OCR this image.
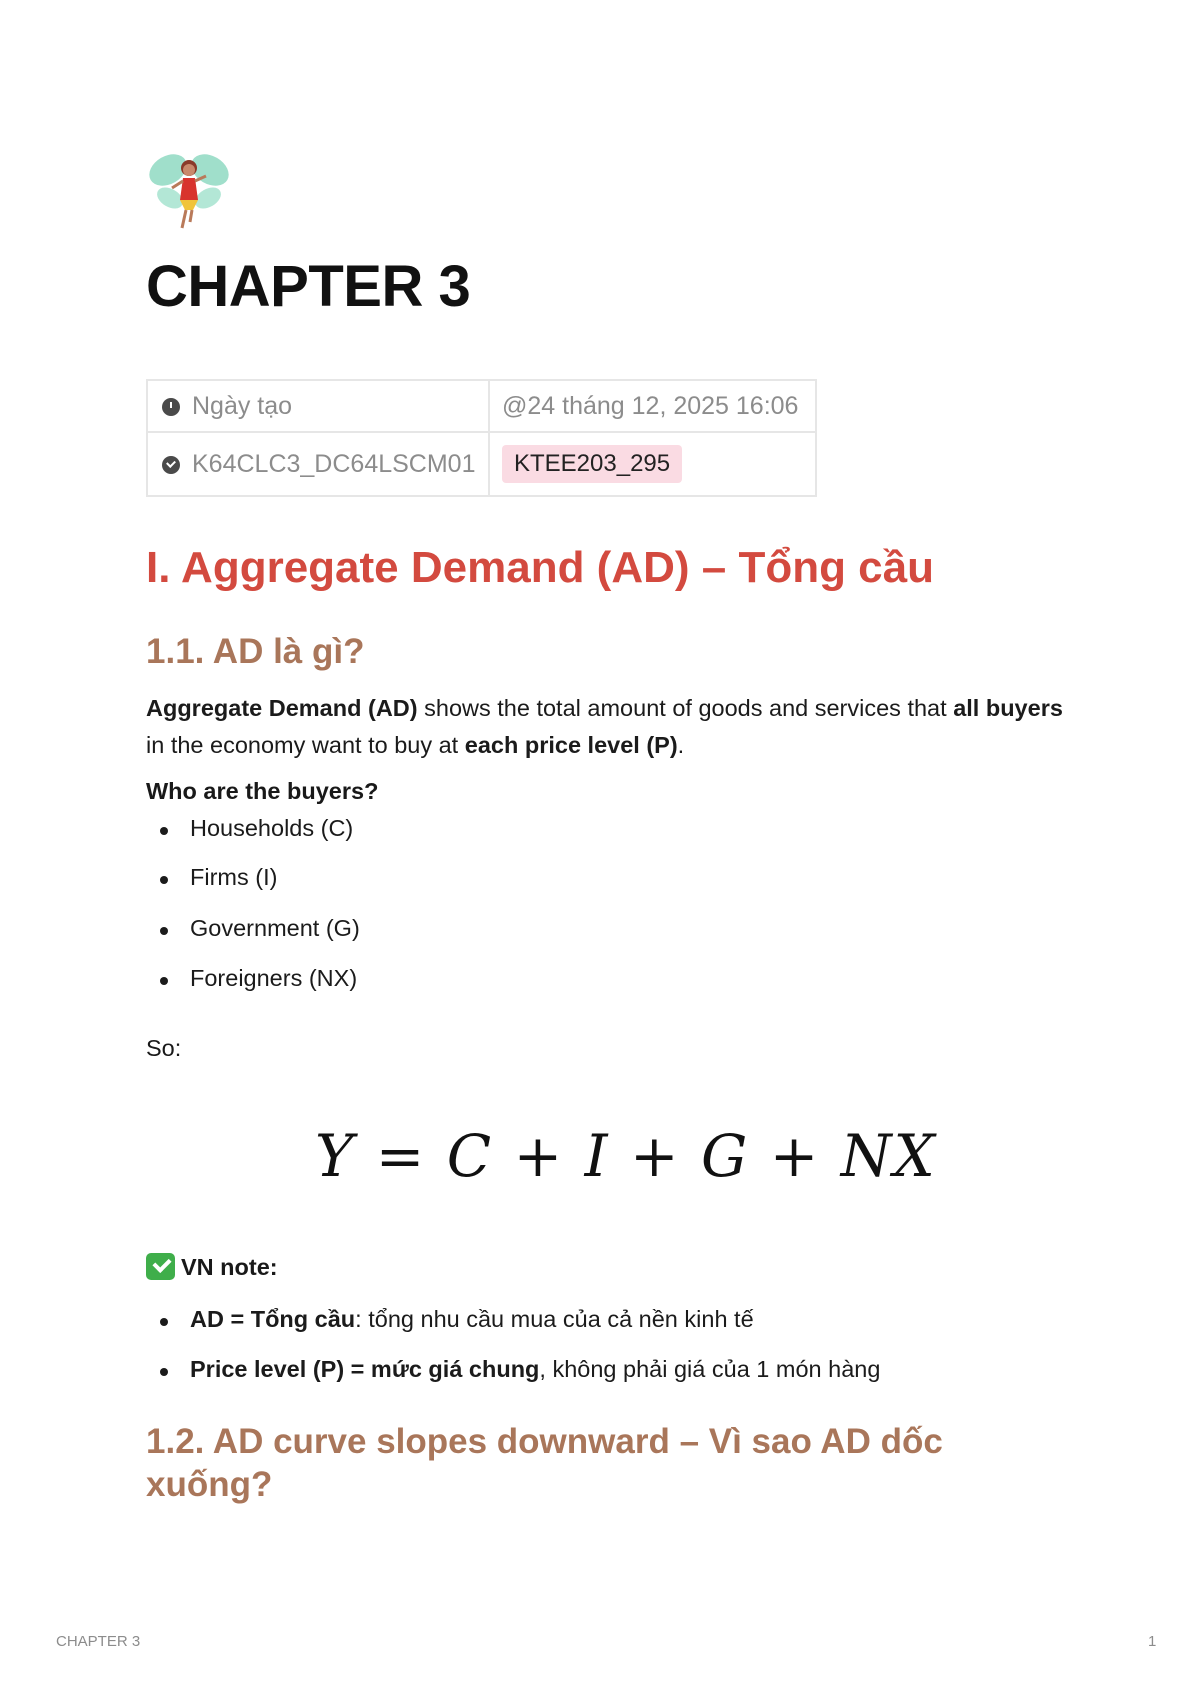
CHAPTER 3
Ngày tạo	@24 tháng 12, 2025 16:06
K64CLC3_DC64LSCM01	KTEE203_295
I. Aggregate Demand (AD) – Tổng cầu
1.1. AD là gì?
Aggregate Demand (AD) shows the total amount of goods and services that all buyers in the economy want to buy at each price level (P).
Who are the buyers?
Households (C)
Firms (I)
Government (G)
Foreigners (NX)
So:
Y = C + I + G + NX
VN note:
AD = Tổng cầu: tổng nhu cầu mua của cả nền kinh tế
Price level (P) = mức giá chung, không phải giá của 1 món hàng
1.2. AD curve slopes downward – Vì sao AD dốc xuống?
CHAPTER 3	1
